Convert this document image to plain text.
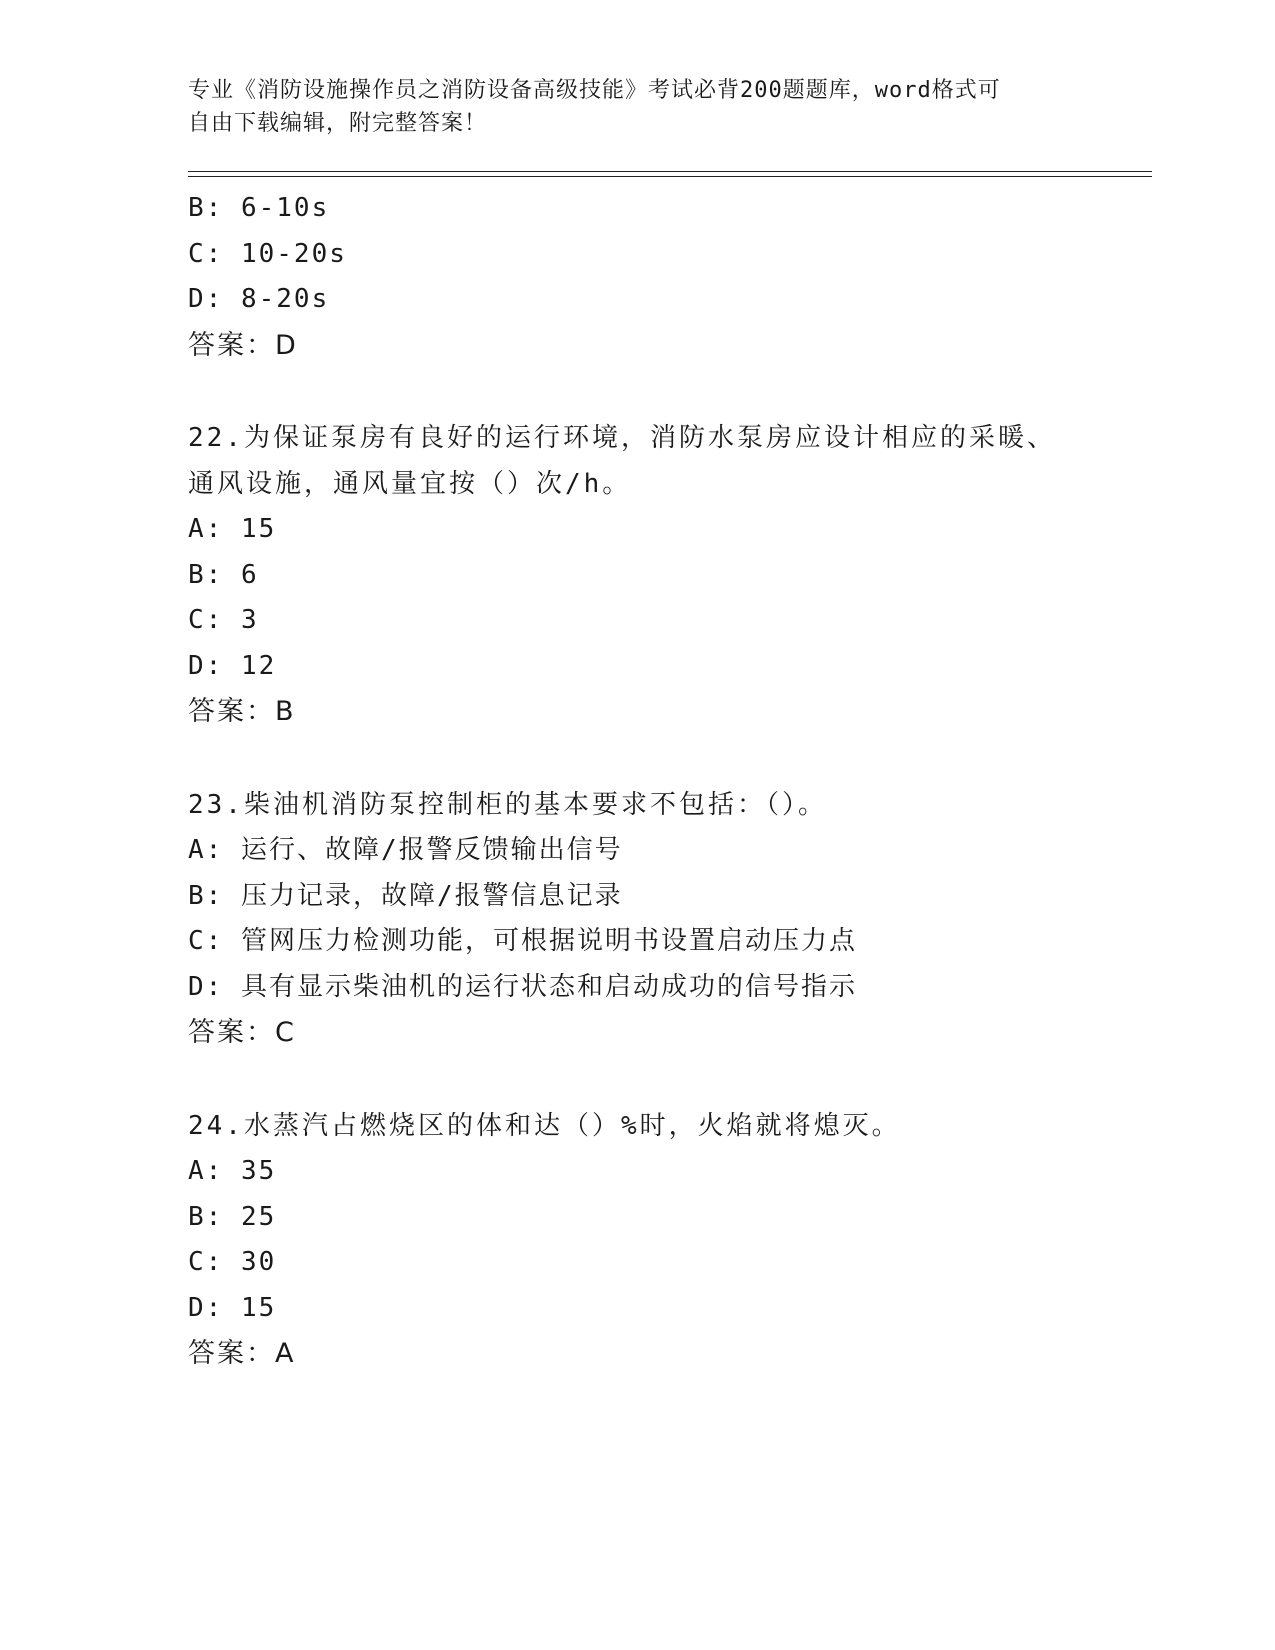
专业《消防设施操作员之消防设备高级技能》考试必背200题题库，word格式可
自由下载编辑，附完整答案！
B: 6-10s
C: 10-20s
D: 8-20s
答案：D
22.为保证泵房有良好的运行环境，消防水泵房应设计相应的采暖、通风设施，通风量宜按（）次/h。
A: 15
B: 6
C: 3
D: 12
答案：B
23.柴油机消防泵控制柜的基本要求不包括：（）。
A: 运行、故障/报警反馈输出信号
B: 压力记录，故障/报警信息记录
C: 管网压力检测功能，可根据说明书设置启动压力点
D: 具有显示柴油机的运行状态和启动成功的信号指示
答案：C
24.水蒸汽占燃烧区的体和达（）%时，火焰就将熄灭。
A: 35
B: 25
C: 30
D: 15
答案：A
